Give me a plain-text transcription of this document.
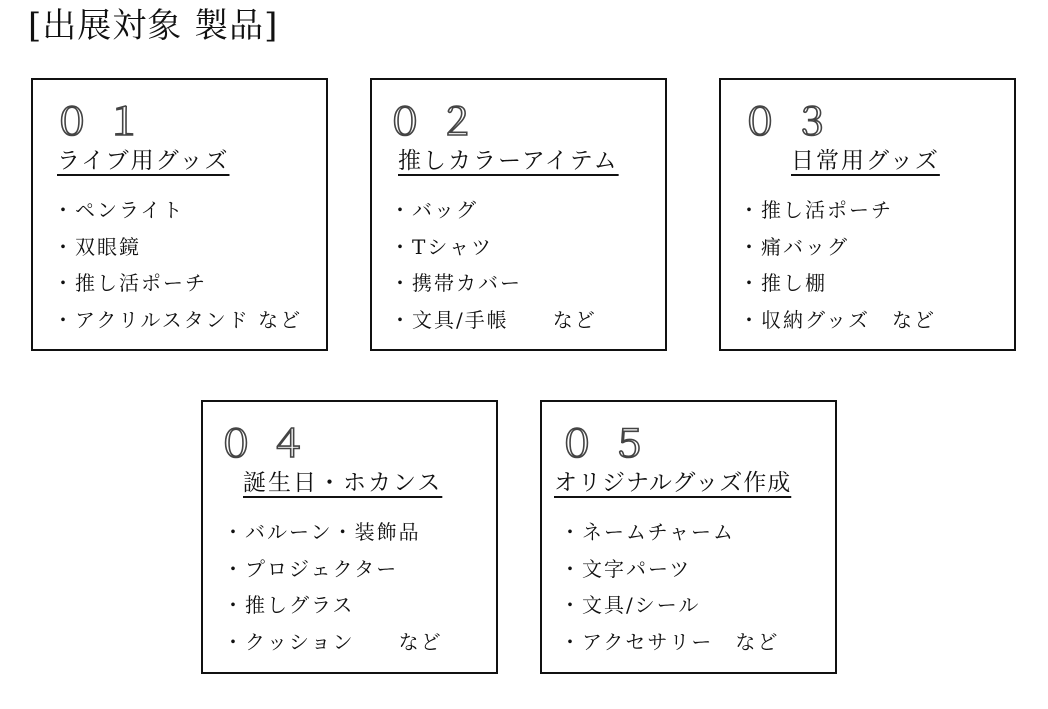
[出展対象 製品]
０１
ライブ用グッズ
・ペンライト
・双眼鏡
・推し活ポーチ
・アクリルスタンド など
０２
推しカラーアイテム
・バッグ
・Tシャツ
・携帯カバー
・文具/手帳　　など
０３
日常用グッズ
・推し活ポーチ
・痛バッグ
・推し棚
・収納グッズ　など
０４
誕生日・ホカンス
・バルーン・装飾品
・プロジェクター
・推しグラス
・クッション　　など
０５
オリジナルグッズ作成
・ネームチャーム
・文字パーツ
・文具/シール
・アクセサリー　など
